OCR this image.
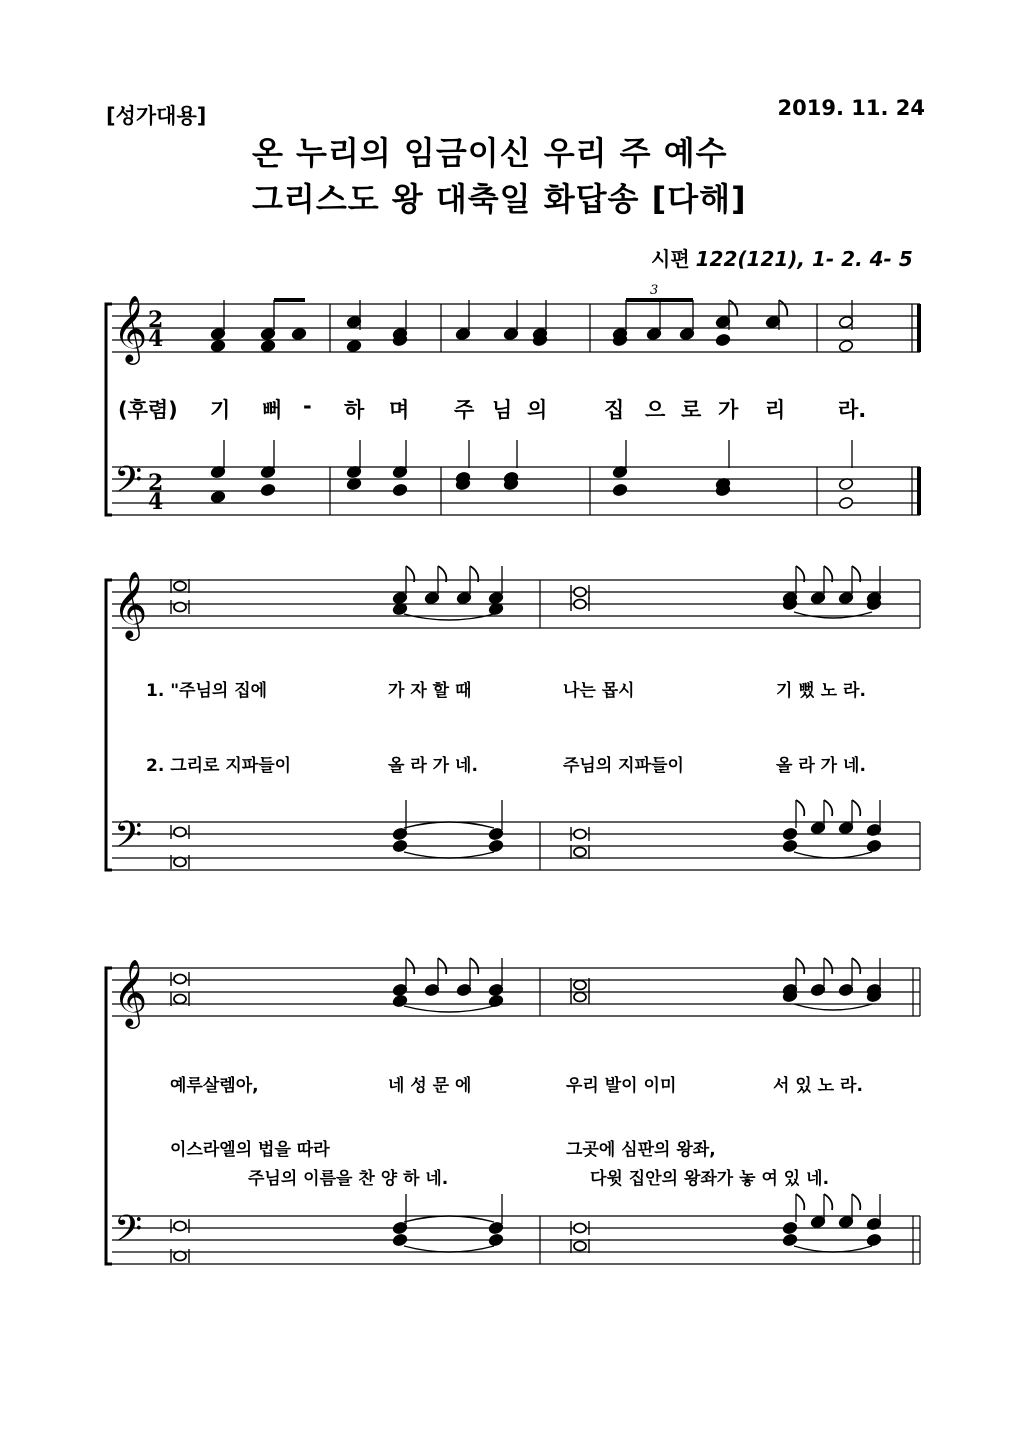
[성가대용]	2019. 11. 24
온 누리의 임금이신 우리 주 예수
그리스도 왕 대축일 화답송 [다해]
시편 122(121), 1- 2. 4- 5
𝄞
𝄢
𝄞
𝄢
𝄞
𝄢
2
4
2
4
3
(후렴) 기 뻐 - 하 며 주 님 의	집 으 로 가 리	라.
1. "주님의 집에	가 자 할 때	나는 몹시	기 뻤 노 라.
2. 그리로 지파들이	올 라 가 네.	주님의 지파들이	올 라 가 네.
예루살렘아,	네 성 문 에	우리 발이 이미	서 있 노 라.
이스라엘의 법을 따라	그곳에 심판의 왕좌,
주님의 이름을 찬 양 하 네.	다윗 집안의 왕좌가 놓 여 있 네.
